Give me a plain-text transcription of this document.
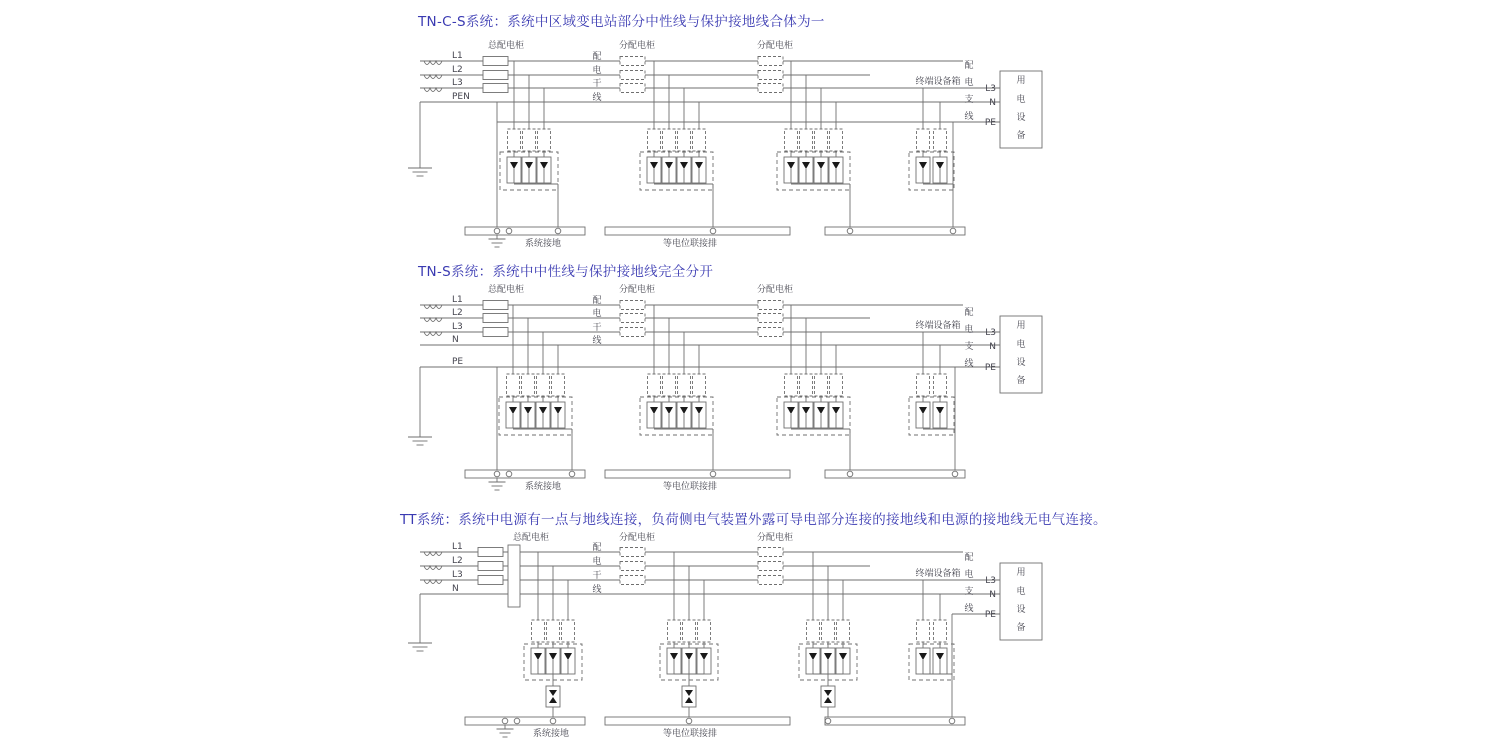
TN-C-S系统：系统中区域变电站部分中性线与保护接地线合体为一
TN-S系统：系统中中性线与保护接地线完全分开
TT系统：系统中电源有一点与地线连接，负荷侧电气装置外露可导电部分连接的接地线和电源的接地线无电气连接。
L1
L2
L3
PEN
总配电柜	分配电柜	分配电柜
配
电
干
线
配
电
支
线
L3
N
PE
终端设备箱	用
电
设
备
系统接地	等电位联接排
L1
L2
L3
N
PE
总配电柜	分配电柜	分配电柜
配
电
干
线
配
电
支
线
L3
N
PE
终端设备箱	用
电
设
备
系统接地	等电位联接排
L1
L2
L3
N
总配电柜	分配电柜	分配电柜
配
电
干
线
配
电
支
线
L3
N
PE
终端设备箱	用
电
设
备
系统接地	等电位联接排
